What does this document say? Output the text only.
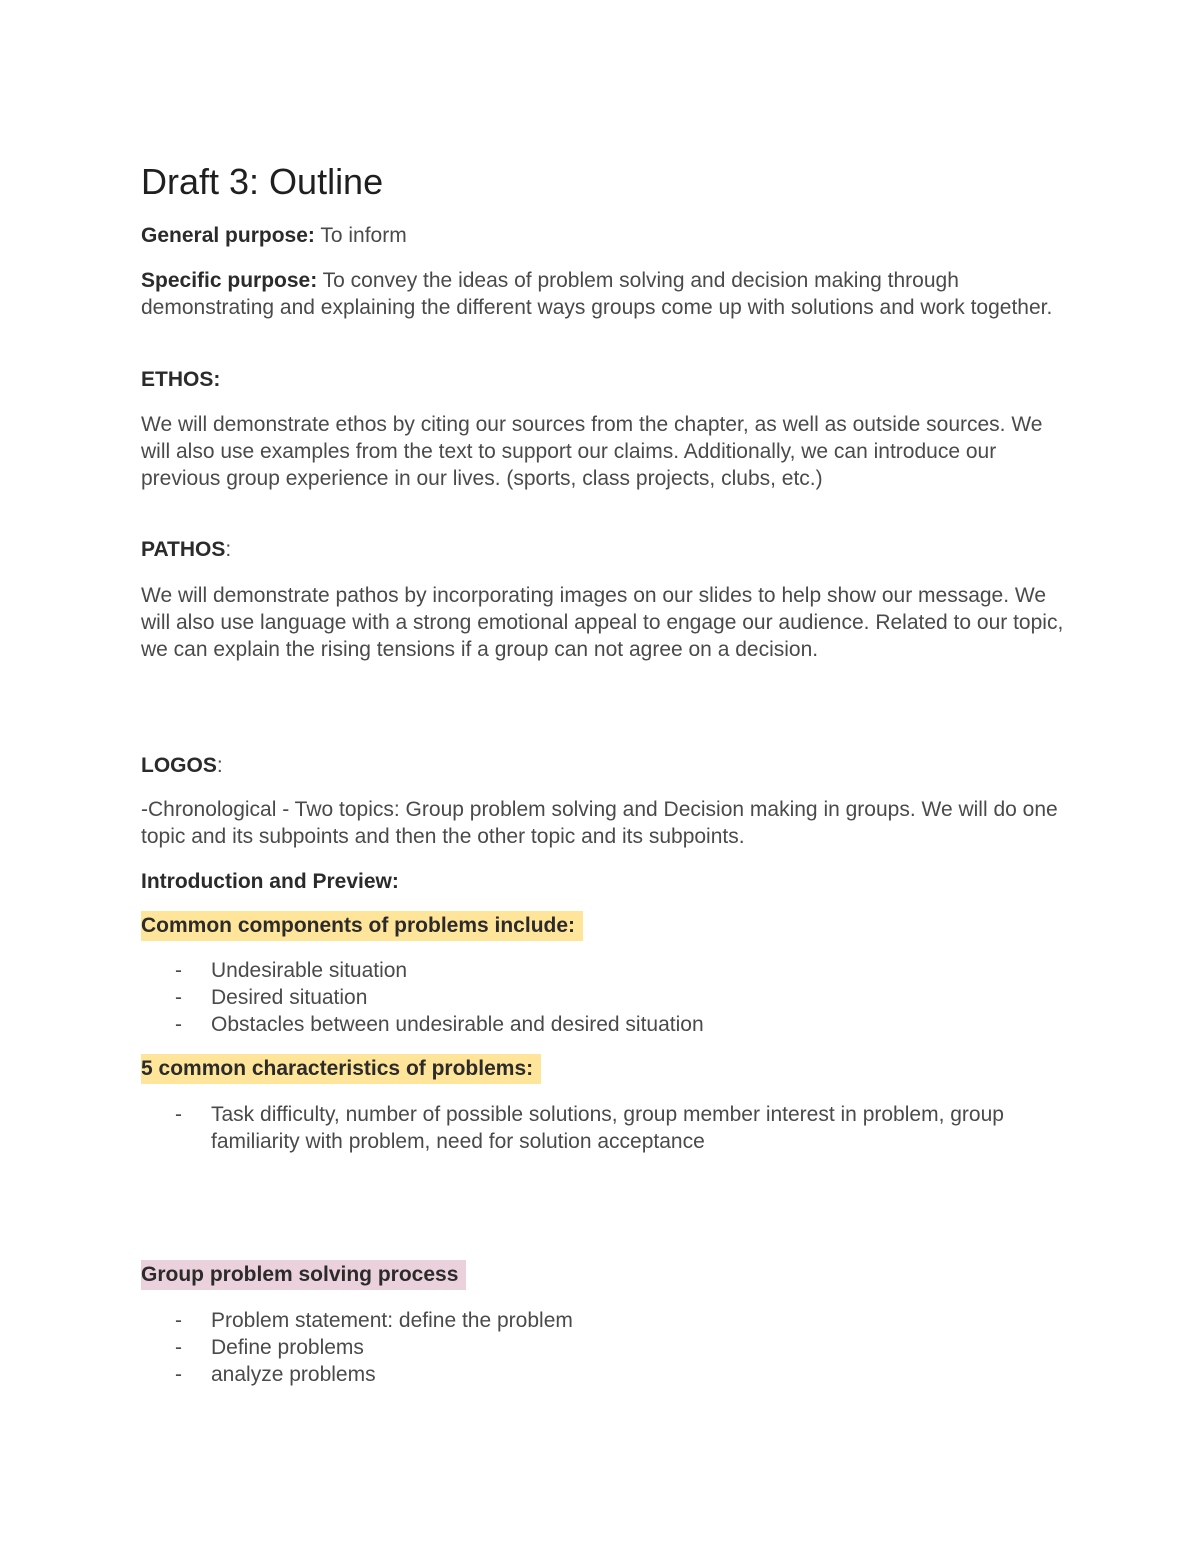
Draft 3: Outline
General purpose: To inform
Specific purpose: To convey the ideas of problem solving and decision making through demonstrating and explaining the different ways groups come up with solutions and work together.
ETHOS:
We will demonstrate ethos by citing our sources from the chapter, as well as outside sources. We will also use examples from the text to support our claims. Additionally, we can introduce our previous group experience in our lives. (sports, class projects, clubs, etc.)
PATHOS:
We will demonstrate pathos by incorporating images on our slides to help show our message. We will also use language with a strong emotional appeal to engage our audience. Related to our topic, we can explain the rising tensions if a group can not agree on a decision.
LOGOS:
-Chronological - Two topics: Group problem solving and Decision making in groups. We will do one topic and its subpoints and then the other topic and its subpoints.
Introduction and Preview:
Common components of problems include:
- Undesirable situation
- Desired situation
- Obstacles between undesirable and desired situation
5 common characteristics of problems:
- Task difficulty, number of possible solutions, group member interest in problem, group familiarity with problem, need for solution acceptance
Group problem solving process
- Problem statement: define the problem
- Define problems
- analyze problems
